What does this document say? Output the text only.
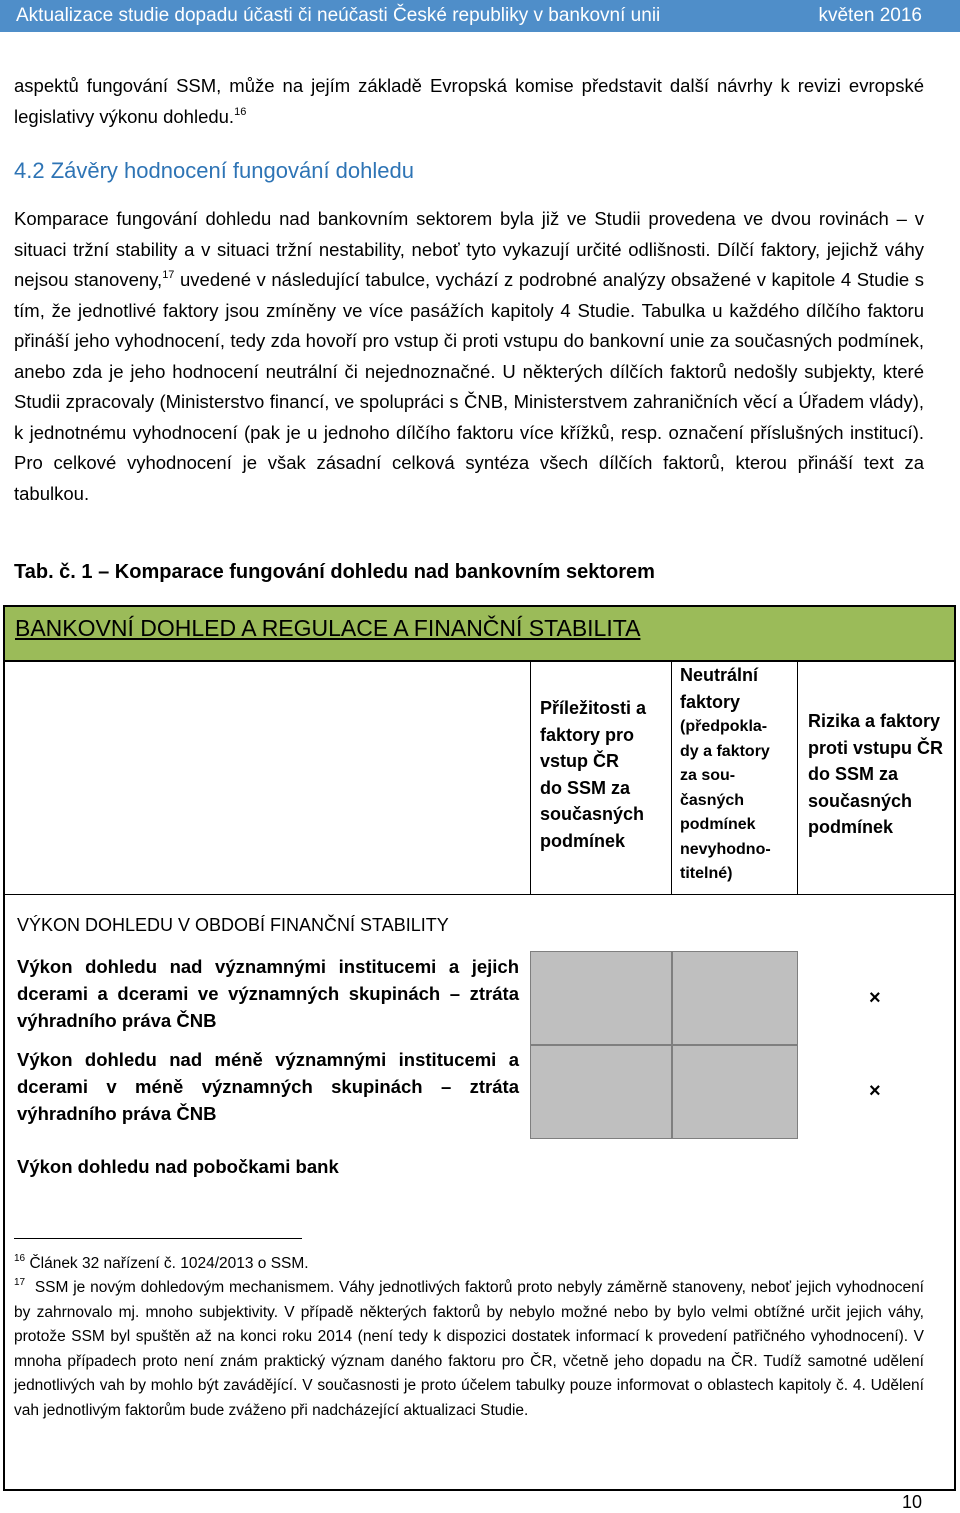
Aktualizace studie dopadu účasti či neúčasti České republiky v bankovní unii	květen 2016
aspektů fungování SSM, může na jejím základě Evropská komise představit další návrhy k revizi evropské legislativy výkonu dohledu.$^{16}$
4.2 Závěry hodnocení fungování dohledu
Komparace fungování dohledu nad bankovním sektorem byla již ve Studii provedena ve dvou rovinách – v situaci tržní stability a v situaci tržní nestability, neboť tyto vykazují určité odlišnosti. Dílčí faktory, jejichž váhy nejsou stanoveny,$^{17}$ uvedené v následující tabulce, vychází z podrobné analýzy obsažené v kapitole 4 Studie s tím, že jednotlivé faktory jsou zmíněny ve více pasážích kapitoly 4 Studie. Tabulka u každého dílčího faktoru přináší jeho vyhodnocení, tedy zda hovoří pro vstup či proti vstupu do bankovní unie za současných podmínek, anebo zda je jeho hodnocení neutrální či nejednoznačné. U některých dílčích faktorů nedošly subjekty, které Studii zpracovaly (Ministerstvo financí, ve spolupráci s ČNB, Ministerstvem zahraničních věcí a Úřadem vlády), k jednotnému vyhodnocení (pak je u jednoho dílčího faktoru více křížků, resp. označení příslušných institucí). Pro celkové vyhodnocení je však zásadní celková syntéza všech dílčích faktorů, kterou přináší text za tabulkou.
Tab. č. 1 – Komparace fungování dohledu nad bankovním sektorem
BANKOVNÍ DOHLED A REGULACE A FINANČNÍ STABILITA
Příležitosti a
faktory pro
vstup ČR
do SSM za
současných
podmínek
Neutrální
faktory
(předpokla-
dy a faktory
za sou-
časných
podmínek
nevyhodno-
titelné)
Rizika a faktory
proti vstupu ČR
do SSM za
současných
podmínek
VÝKON DOHLEDU V OBDOBÍ FINANČNÍ STABILITY
Výkon dohledu nad významnými institucemi a jejich dcerami a dcerami ve významných skupinách – ztráta výhradního práva ČNB
×
Výkon dohledu nad méně významnými institucemi a dcerami v méně významných skupinách – ztráta výhradního práva ČNB
×
Výkon dohledu nad pobočkami bank
$^{16}$ Článek 32 nařízení č. 1024/2013 o SSM.
$^{17}$ SSM je novým dohledovým mechanismem. Váhy jednotlivých faktorů proto nebyly záměrně stanoveny, neboť jejich vyhodnocení by zahrnovalo mj. mnoho subjektivity. V případě některých faktorů by nebylo možné nebo by bylo velmi obtížné určit jejich váhy, protože SSM byl spuštěn až na konci roku 2014 (není tedy k dispozici dostatek informací k provedení patřičného vyhodnocení). V mnoha případech proto není znám praktický význam daného faktoru pro ČR, včetně jeho dopadu na ČR. Tudíž samotné udělení jednotlivých vah by mohlo být zavádějící. V současnosti je proto účelem tabulky pouze informovat o oblastech kapitoly č. 4. Udělení vah jednotlivým faktorům bude zváženo při nadcházející aktualizaci Studie.
10
